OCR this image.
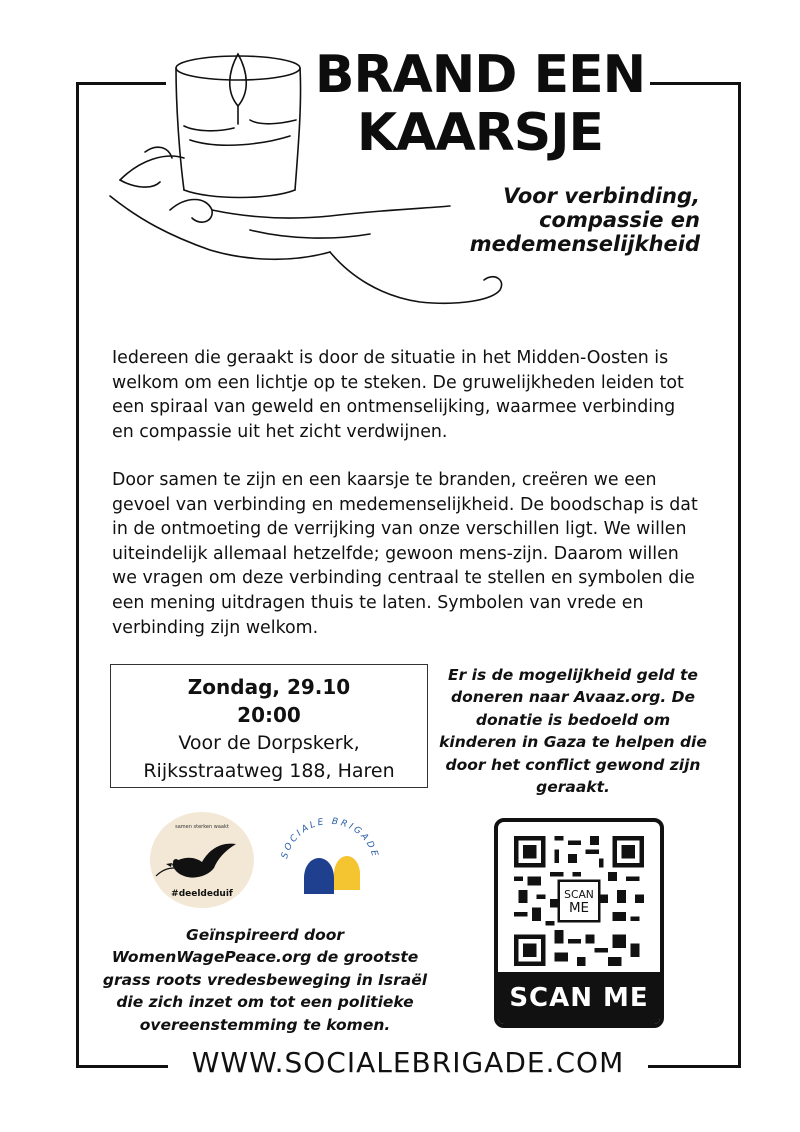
BRAND EEN
KAARSJE
Voor verbinding, compassie en medemenselijkheid

Iedereen die geraakt is door de situatie in het Midden-Oosten is welkom om een lichtje op te steken. De gruwelijkheden leiden tot een spiraal van geweld en ontmenselijking, waarmee verbinding en compassie uit het zicht verdwijnen.

Door samen te zijn en een kaarsje te branden, creëren we een gevoel van verbinding en medemenselijkheid. De boodschap is dat in de ontmoeting de verrijking van onze verschillen ligt. We willen uiteindelijk allemaal hetzelfde; gewoon mens-zijn. Daarom willen we vragen om deze verbinding centraal te stellen en symbolen die een mening uitdragen thuis te laten. Symbolen van vrede en verbinding zijn welkom.

Zondag, 29.10
20:00
Voor de Dorpskerk,
Rijksstraatweg 188, Haren
Er is de mogelijkheid geld te doneren naar Avaaz.org. De donatie is bedoeld om kinderen in Gaza te helpen die door het conflict gewond zijn geraakt.
samen sterken waakt
#deeldeduif
SOCIALE BRIGADE
Geïnspireerd door WomenWagePeace.org de grootste grass roots vredesbeweging in Israël die zich inzet om tot een politieke overeenstemming te komen.
SCAN
ME
SCAN ME
WWW.SOCIALEBRIGADE.COM
